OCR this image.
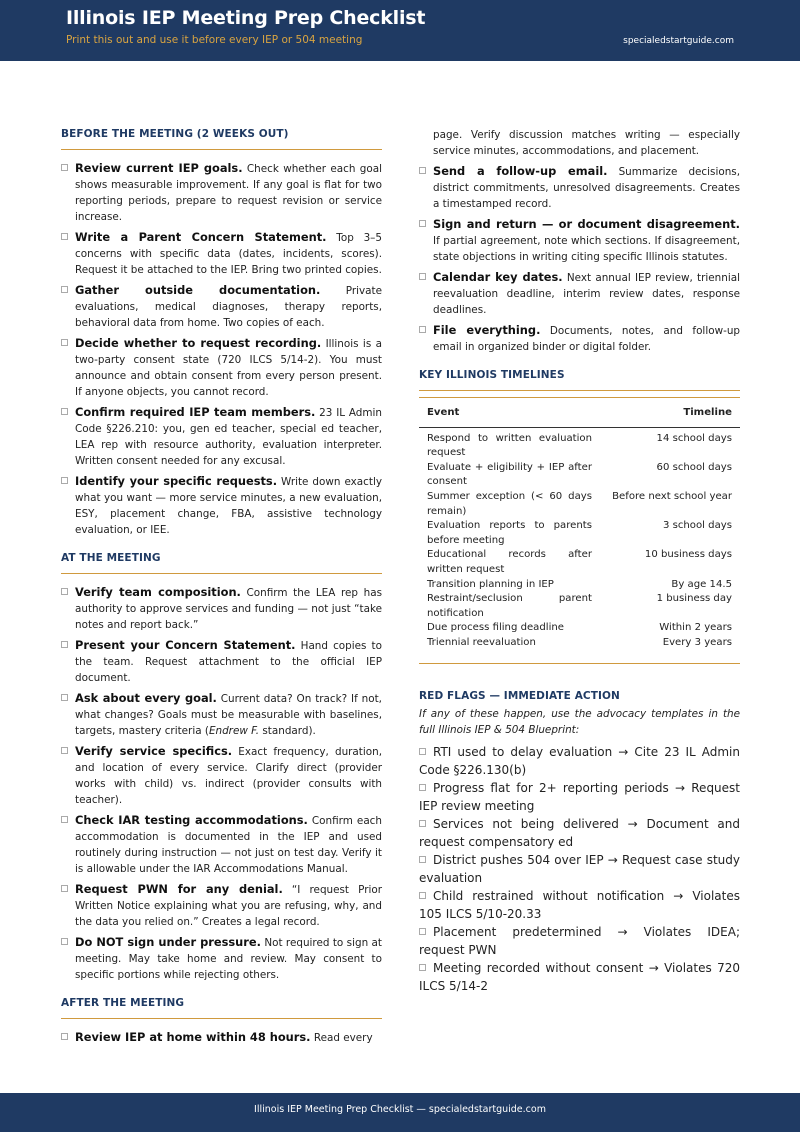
Illinois IEP Meeting Prep Checklist
Print this out and use it before every IEP or 504 meeting	specialedstartguide.com
BEFORE THE MEETING (2 WEEKS OUT)
Review current IEP goals. Check whether each goal shows measurable improvement. If any goal is flat for two reporting periods, prepare to request revision or service increase.
Write a Parent Concern Statement. Top 3–5 concerns with specific data (dates, incidents, scores). Request it be attached to the IEP. Bring two printed copies.
Gather outside documentation. Private evaluations, medical diagnoses, therapy reports, behavioral data from home. Two copies of each.
Decide whether to request recording. Illinois is a two-party consent state (720 ILCS 5/14-2). You must announce and obtain consent from every person present. If anyone objects, you cannot record.
Confirm required IEP team members. 23 IL Admin Code §226.210: you, gen ed teacher, special ed teacher, LEA rep with resource authority, evaluation interpreter. Written consent needed for any excusal.
Identify your specific requests. Write down exactly what you want — more service minutes, a new evaluation, ESY, placement change, FBA, assistive technology evaluation, or IEE.
AT THE MEETING
Verify team composition. Confirm the LEA rep has authority to approve services and funding — not just “take notes and report back.”
Present your Concern Statement. Hand copies to the team. Request attachment to the official IEP document.
Ask about every goal. Current data? On track? If not, what changes? Goals must be measurable with baselines, targets, mastery criteria (Endrew F. standard).
Verify service specifics. Exact frequency, duration, and location of every service. Clarify direct (provider works with child) vs. indirect (provider consults with teacher).
Check IAR testing accommodations. Confirm each accommodation is documented in the IEP and used routinely during instruction — not just on test day. Verify it is allowable under the IAR Accommodations Manual.
Request PWN for any denial. “I request Prior Written Notice explaining what you are refusing, why, and the data you relied on.” Creates a legal record.
Do NOT sign under pressure. Not required to sign at meeting. May take home and review. May consent to specific portions while rejecting others.
AFTER THE MEETING
Review IEP at home within 48 hours. Read every
page. Verify discussion matches writing — especially service minutes, accommodations, and placement.
Send a follow-up email. Summarize decisions, district commitments, unresolved disagreements. Creates a timestamped record.
Sign and return — or document disagreement. If partial agreement, note which sections. If disagreement, state objections in writing citing specific Illinois statutes.
Calendar key dates. Next annual IEP review, triennial reevaluation deadline, interim review dates, response deadlines.
File everything. Documents, notes, and follow-up email in organized binder or digital folder.
KEY ILLINOIS TIMELINES
Event	Timeline
Respond to written evaluation request	14 school days
Evaluate + eligibility + IEP after consent	60 school days
Summer exception (< 60 days remain)	Before next school year
Evaluation reports to parents before meeting	3 school days
Educational records after written request	10 business days
Transition planning in IEP	By age 14.5
Restraint/seclusion parent notification	1 business day
Due process filing deadline	Within 2 years
Triennial reevaluation	Every 3 years
RED FLAGS — IMMEDIATE ACTION
If any of these happen, use the advocacy templates in the full Illinois IEP & 504 Blueprint:
RTI used to delay evaluation → Cite 23 IL Admin Code §226.130(b)
Progress flat for 2+ reporting periods → Request IEP review meeting
Services not being delivered → Document and request compensatory ed
District pushes 504 over IEP → Request case study evaluation
Child restrained without notification → Violates 105 ILCS 5/10-20.33
Placement predetermined → Violates IDEA; request PWN
Meeting recorded without consent → Violates 720 ILCS 5/14-2
Illinois IEP Meeting Prep Checklist — specialedstartguide.com
